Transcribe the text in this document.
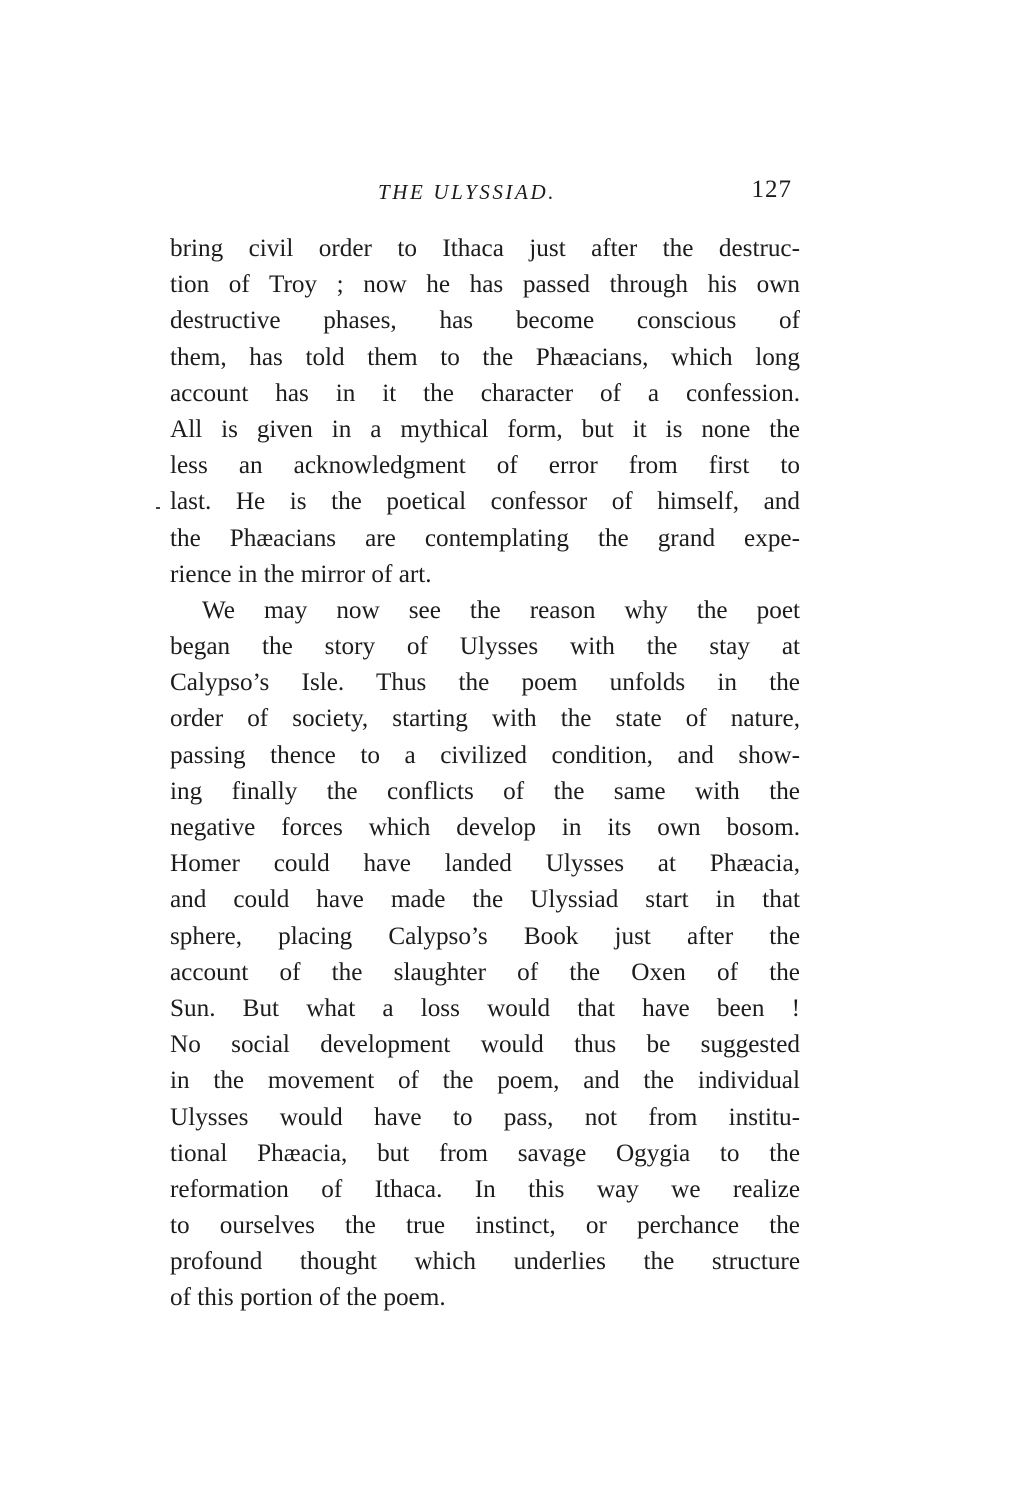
THE ULYSSIAD.	127
bring civil order to Ithaca just after the destruc-
tion of Troy ; now he has passed through his own
destructive phases, has become conscious of
them, has told them to the Phæacians, which long
account has in it the character of a confession.
All is given in a mythical form, but it is none the
less an acknowledgment of error from first to
last. He is the poetical confessor of himself, and
the Phæacians are contemplating the grand expe-
rience in the mirror of art.
We may now see the reason why the poet
began the story of Ulysses with the stay at
Calypso’s Isle. Thus the poem unfolds in the
order of society, starting with the state of nature,
passing thence to a civilized condition, and show-
ing finally the conflicts of the same with the
negative forces which develop in its own bosom.
Homer could have landed Ulysses at Phæacia,
and could have made the Ulyssiad start in that
sphere, placing Calypso’s Book just after the
account of the slaughter of the Oxen of the
Sun. But what a loss would that have been !
No social development would thus be suggested
in the movement of the poem, and the individual
Ulysses would have to pass, not from institu-
tional Phæacia, but from savage Ogygia to the
reformation of Ithaca. In this way we realize
to ourselves the true instinct, or perchance the
profound thought which underlies the structure
of this portion of the poem.
